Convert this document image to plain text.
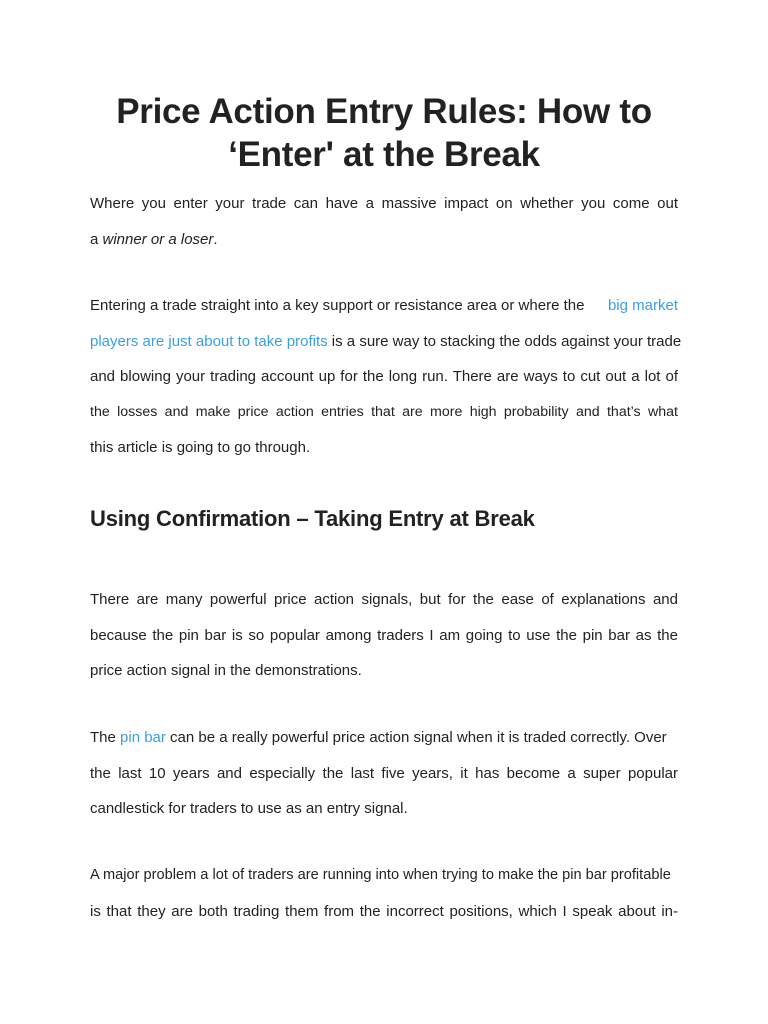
Price Action Entry Rules: How to
‘Enter' at the Break
Where you enter your trade can have a massive impact on whether you come out
a winner or a loser.
Entering a trade straight into a key support or resistance area or where the big market
players are just about to take profits is a sure way to stacking the odds against your trade
and blowing your trading account up for the long run. There are ways to cut out a lot of
the losses and make price action entries that are more high probability and that’s what
this article is going to go through.
Using Confirmation – Taking Entry at Break
There are many powerful price action signals, but for the ease of explanations and
because the pin bar is so popular among traders I am going to use the pin bar as the
price action signal in the demonstrations.
The pin bar can be a really powerful price action signal when it is traded correctly. Over
the last 10 years and especially the last five years, it has become a super popular
candlestick for traders to use as an entry signal.
A major problem a lot of traders are running into when trying to make the pin bar profitable
is that they are both trading them from the incorrect positions, which I speak about in-
